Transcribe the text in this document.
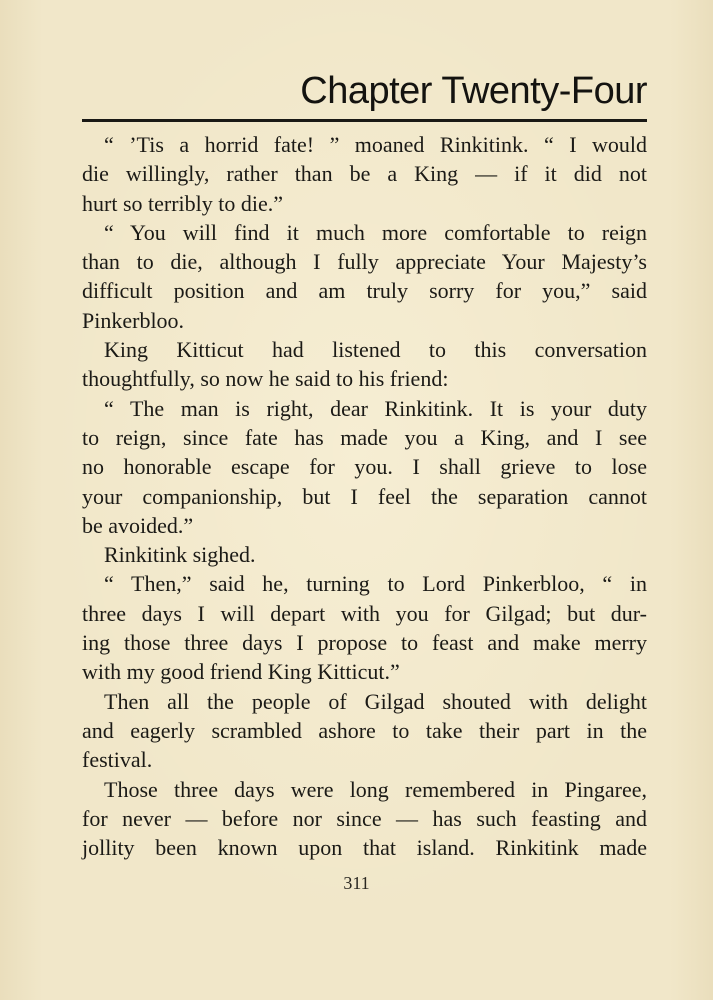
Chapter Twenty-Four
“ ’Tis a horrid fate! ” moaned Rinkitink. “ I would
die willingly, rather than be a King — if it did not
hurt so terribly to die.”
“ You will find it much more comfortable to reign
than to die, although I fully appreciate Your Majesty’s
difficult position and am truly sorry for you,” said
Pinkerbloo.
King Kitticut had listened to this conversation
thoughtfully, so now he said to his friend:
“ The man is right, dear Rinkitink. It is your duty
to reign, since fate has made you a King, and I see
no honorable escape for you. I shall grieve to lose
your companionship, but I feel the separation cannot
be avoided.”
Rinkitink sighed.
“ Then,” said he, turning to Lord Pinkerbloo, “ in
three days I will depart with you for Gilgad; but dur-
ing those three days I propose to feast and make merry
with my good friend King Kitticut.”
Then all the people of Gilgad shouted with delight
and eagerly scrambled ashore to take their part in the
festival.
Those three days were long remembered in Pingaree,
for never — before nor since — has such feasting and
jollity been known upon that island. Rinkitink made
311
